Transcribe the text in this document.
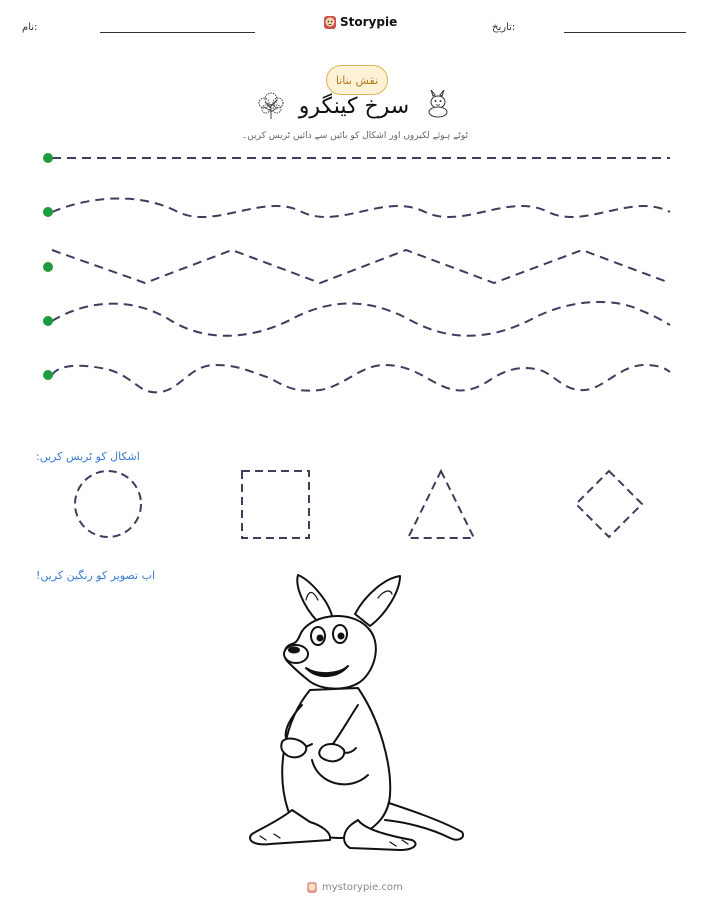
نام:	Storypie	تاریخ:
نقش بنانا
سرخ کینگرو
ٹوٹے ہوئے لکیروں اور اشکال کو بائیں سے دائیں ٹریس کریں۔
اشکال کو ٹریس کریں:
اب تصویر کو رنگین کریں!
mystorypie.com
